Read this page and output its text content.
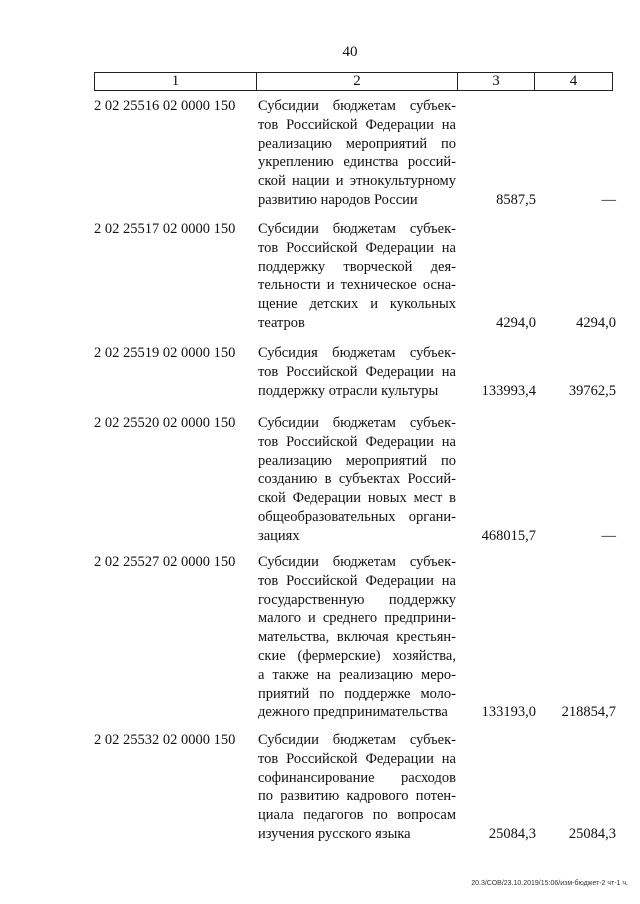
40
1	2	3	4
2 02 25516 02 0000 150	Субсидии бюджетам субъек-
тов Российской Федерации на
реализацию мероприятий по
укреплению единства россий-
ской нации и этнокультурному
развитию народов России	8587,5	—
2 02 25517 02 0000 150	Субсидии бюджетам субъек-
тов Российской Федерации на
поддержку творческой дея-
тельности и техническое осна-
щение детских и кукольных
театров	4294,0	4294,0
2 02 25519 02 0000 150	Субсидия бюджетам субъек-
тов Российской Федерации на
поддержку отрасли культуры	133993,4	39762,5
2 02 25520 02 0000 150	Субсидии бюджетам субъек-
тов Российской Федерации на
реализацию мероприятий по
созданию в субъектах Россий-
ской Федерации новых мест в
общеобразовательных органи-
зациях	468015,7	—
2 02 25527 02 0000 150	Субсидии бюджетам субъек-
тов Российской Федерации на
государственную поддержку
малого и среднего предприни-
мательства, включая крестьян-
ские (фермерские) хозяйства,
а также на реализацию меро-
приятий по поддержке моло-
дежного предпринимательства	133193,0	218854,7
2 02 25532 02 0000 150	Субсидии бюджетам субъек-
тов Российской Федерации на
софинансирование расходов
по развитию кадрового потен-
циала педагогов по вопросам
изучения русского языка	25084,3	25084,3
20.3/СОВ/23.10.2019/15:06/изм-бюджет-2 чт-1 ч.
